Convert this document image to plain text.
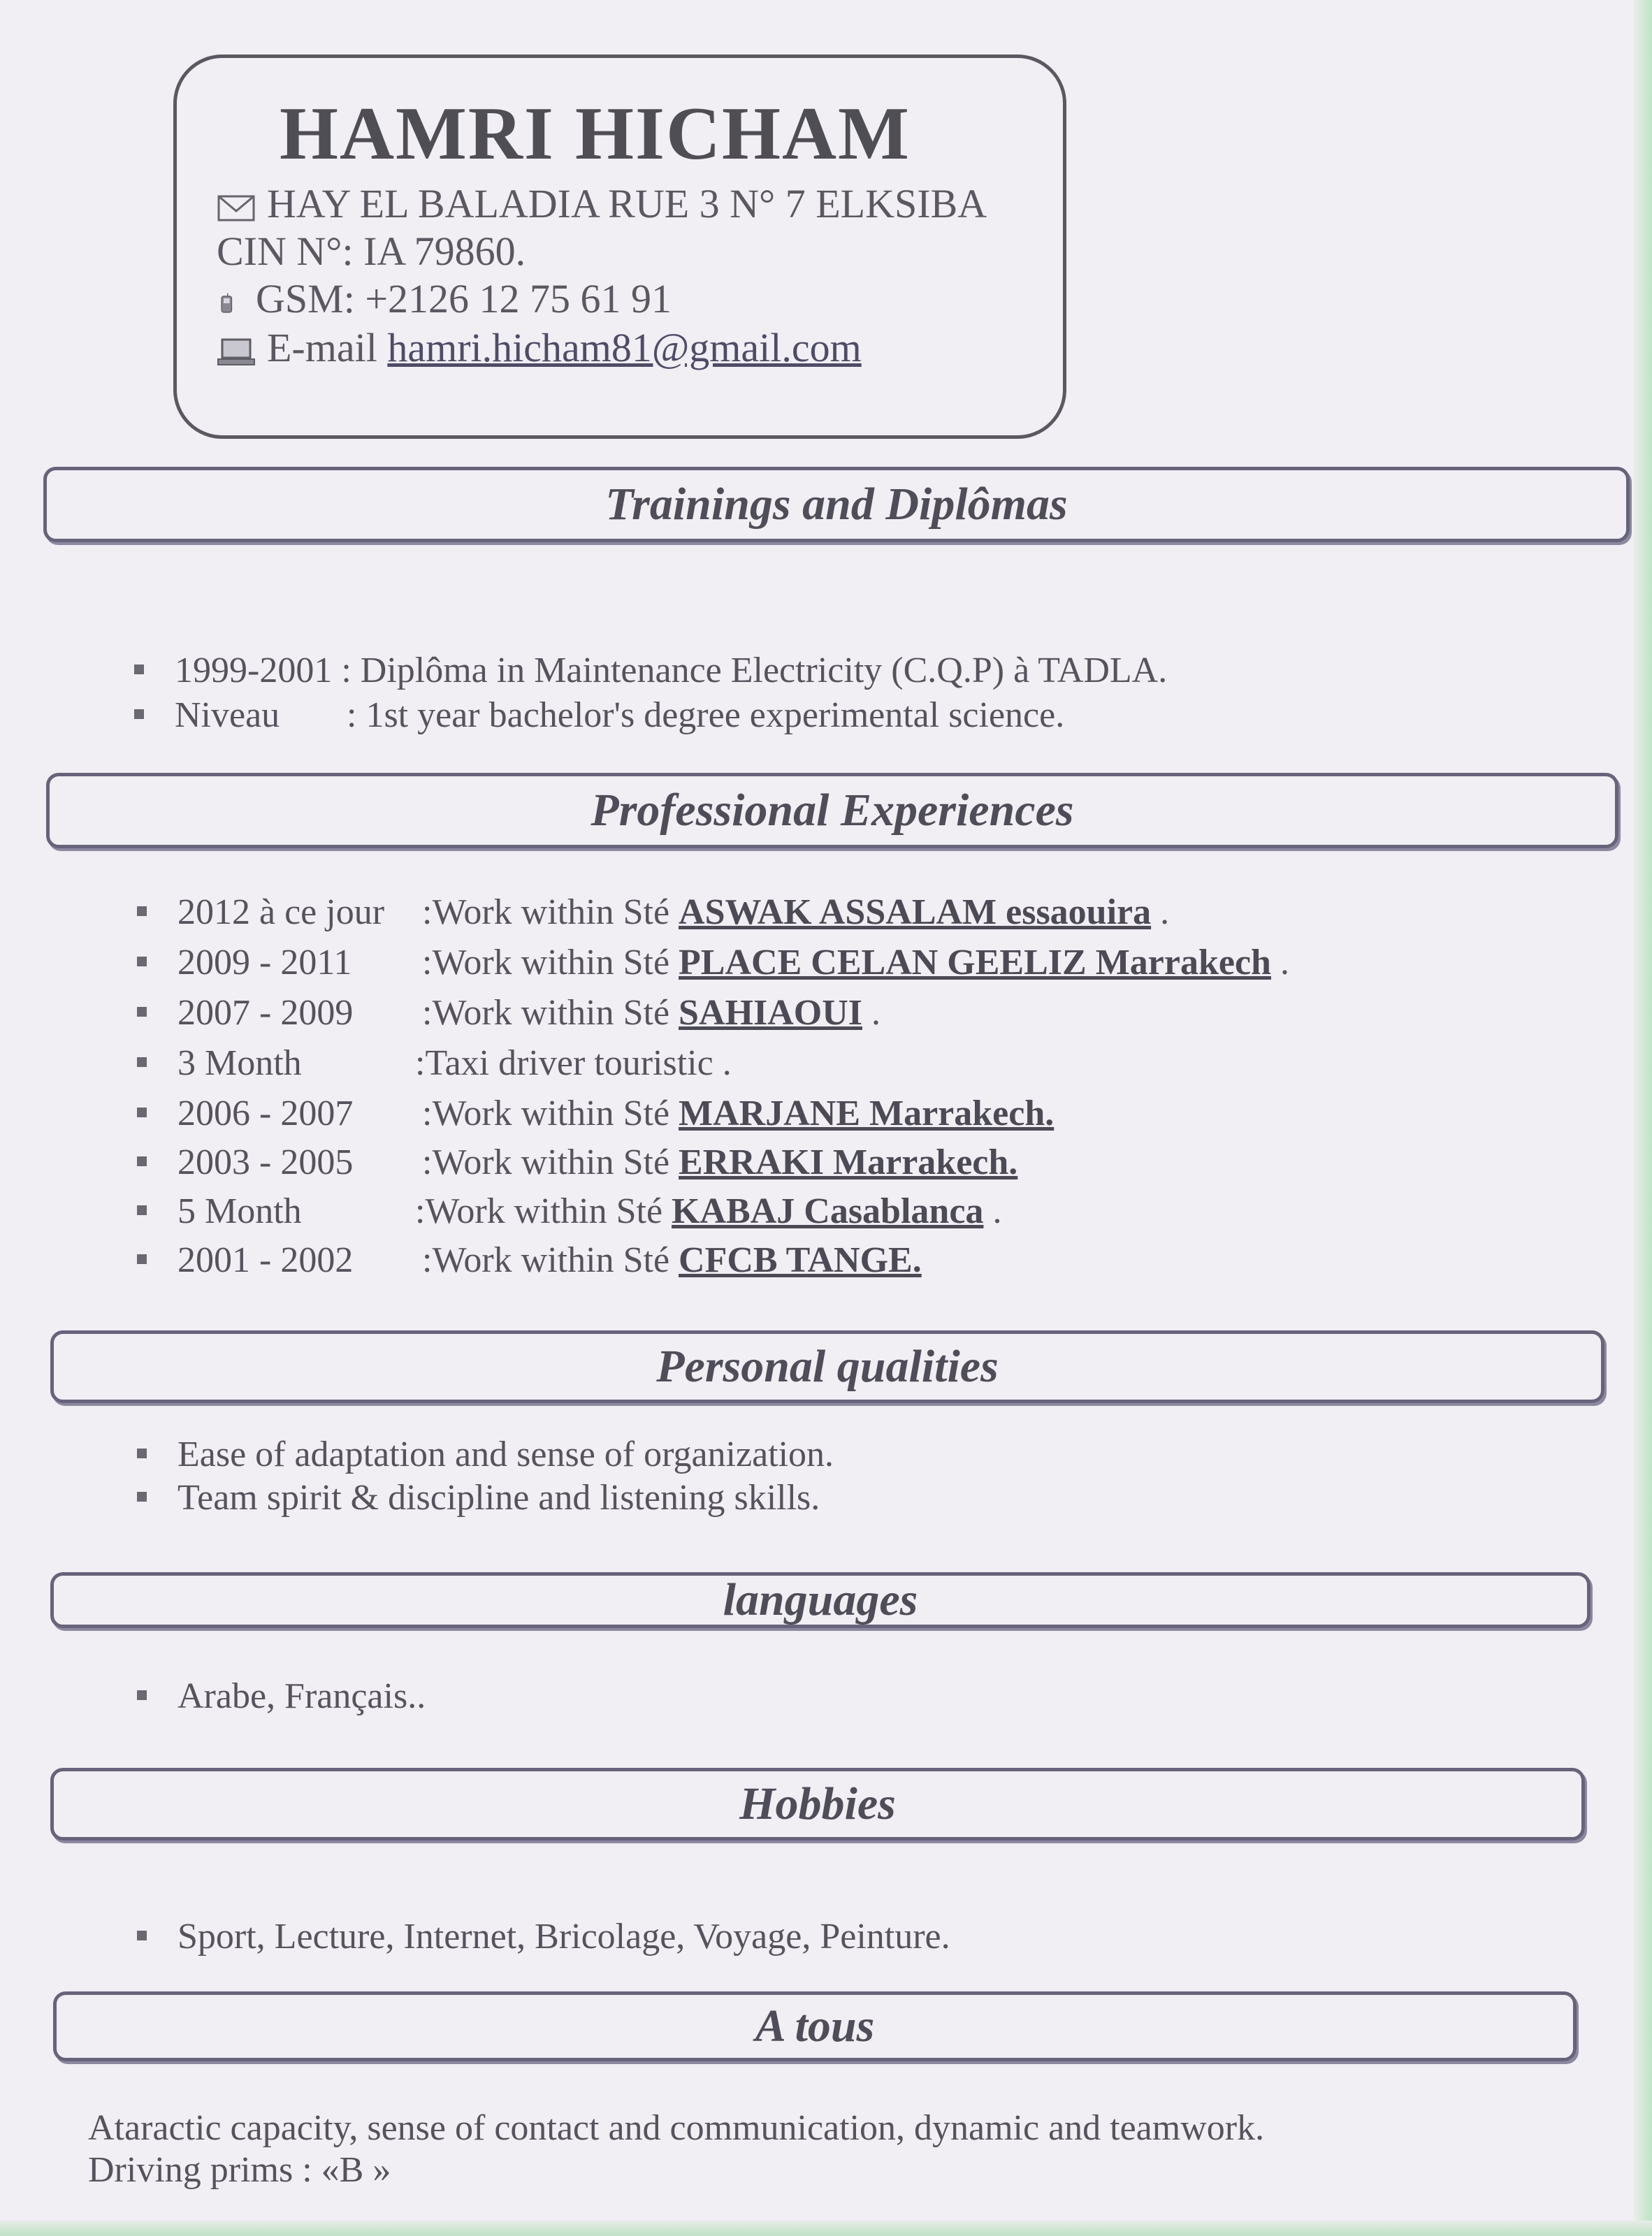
HAMRI HICHAM
HAY EL BALADIA RUE 3 N° 7 ELKSIBA
CIN N°: IA 79860.
GSM: +2126 12 75 61 91
E-mail hamri.hicham81@gmail.com
Trainings and Diplômas
1999-2001 : Diplôma in Maintenance Electricity (C.Q.P) à TADLA.
Niveau : 1st year bachelor's degree experimental science.
Professional Experiences
2012 à ce jour :Work within Sté ASWAK ASSALAM essaouira .
2009 - 2011 :Work within Sté PLACE CELAN GEELIZ Marrakech .
2007 - 2009 :Work within Sté SAHIAOUI .
3 Month	:Taxi driver touristic .
2006 - 2007 :Work within Sté MARJANE Marrakech.
2003 - 2005 :Work within Sté ERRAKI Marrakech.
5 Month	:Work within Sté KABAJ Casablanca .
2001 - 2002 :Work within Sté CFCB TANGE.
Personal qualities
Ease of adaptation and sense of organization.
Team spirit & discipline and listening skills.
languages
Arabe, Français..
Hobbies
Sport, Lecture, Internet, Bricolage, Voyage, Peinture.
A tous
Ataractic capacity, sense of contact and communication, dynamic and teamwork.
Driving prims : «B »
